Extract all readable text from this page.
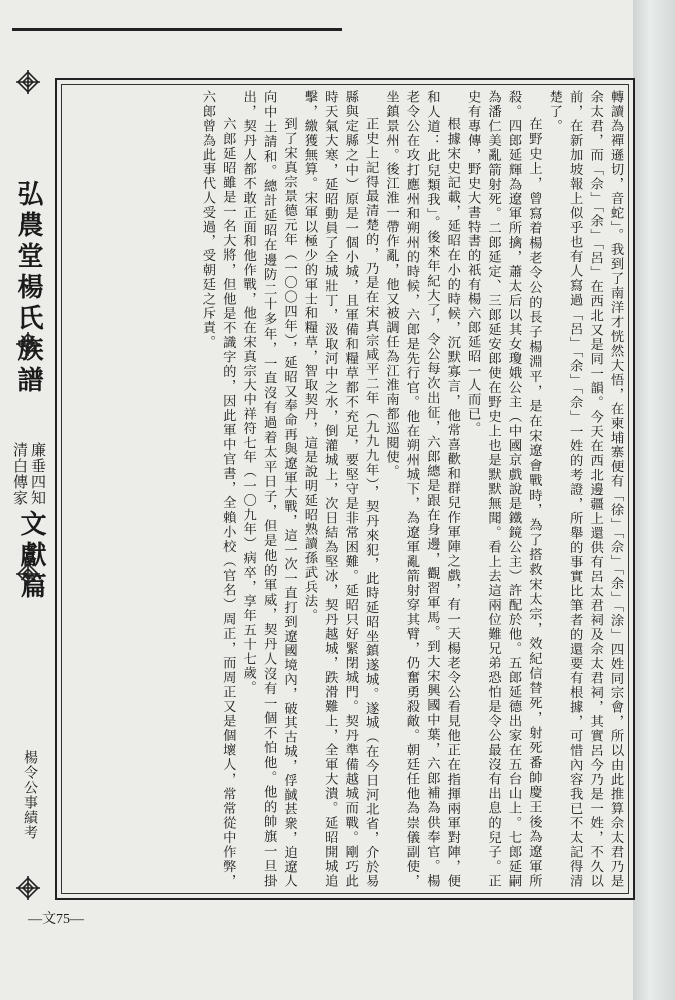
弘農堂楊氏族譜
廉垂四知
清白傳家
文獻篇
楊令公事績考	轉讀為禪遜切，音蛇」。我到了南洋才恍然大悟，在柬埔寨便有「徐」「佘」「余」「涂」四姓同宗會，所以由此推算佘太君乃是余太君，而「佘」「余」「呂」在西北又是同一韻。今天在西北邊疆上還供有呂太君祠及佘太君祠，其實呂今乃是一姓，不久以前，在新加坡報上似乎也有人寫過「呂」「余」「佘」一姓的考證，所舉的事實比筆者的還要有根據，可惜內容我已不太記得清楚了。

在野史上，曾寫着楊老令公的長子楊淵平，是在宋遼會戰時，為了搭救宋太宗，效紀信替死，射死番帥慶王後為遼軍所殺。四郎延輝為遼軍所擒，蕭太后以其女瓊娥公主（中國京戲說是鐵鏡公主）許配於他。五郎延德出家在五台山上。七郎延嗣為潘仁美亂箭射死。二郎延定、三郎延安郎使在野史上也是默默無聞。看上去這兩位難兄弟恐怕是令公最沒有出息的兒子。正史有專傳，野史大書特書的祇有楊六郎延昭一人而已。

根據宋史記載，延昭在小的時候，沉默寡言，他常喜歡和群兒作軍陣之戲，有一天楊老令公看見他正在指揮兩軍對陣，便和人道：此兒類我」。後來年紀大了，令公每次出征，六郎總是跟在身邊，觀習軍馬。到大宋興國中葉，六郎補為供奉官。楊老令公在攻打應州和朔州的時候，六郎是先行官。他在朔州城下，為遼軍亂箭射穿其臂，仍奮勇殺敵。朝廷任他為崇儀副使，坐鎮景州。後江淮一帶作亂，他又被調任為江淮南都巡閱使。

正史上記得最清楚的，乃是在宋真宗咸平二年（九九九年），契丹來犯，此時延昭坐鎮遂城。遂城（在今日河北省，介於易縣與定縣之中）原是一個小城，且軍備和糧草都不充足，要堅守是非常困難。延昭只好緊閉城門。契丹準備越城而戰。剛巧此時天氣大寒，延昭動員了全城壯丁，汲取河中之水，倒灌城上，次日結為堅冰，契丹越城，跌滑難上，全軍大潰。延昭開城追擊，繳獲無算。宋軍以極少的軍士和糧草，智取契丹，這是說明延昭熟讀孫武兵法。

到了宋真宗景德元年（一〇〇四年），延昭又奉命再與遼軍大戰，這一次一直打到遼國境內，破其古城，俘馘甚衆，迫遼人向中土請和。總計延昭在邊防二十多年，一直沒有過着太平日子，但是他的軍威，契丹人沒有一個不怕他。他的帥旗一旦掛出，契丹人都不敢正面和他作戰，他在宋真宗大中祥符七年（一〇九年）病卒，享年五十七歲。

六郎延昭雖是一名大將，但他是不識字的，因此軍中官書，全賴小校（官名）周正，而周正又是個壞人，常常從中作弊，六郎曾為此事代人受過，受朝廷之斥責。

—文75—
